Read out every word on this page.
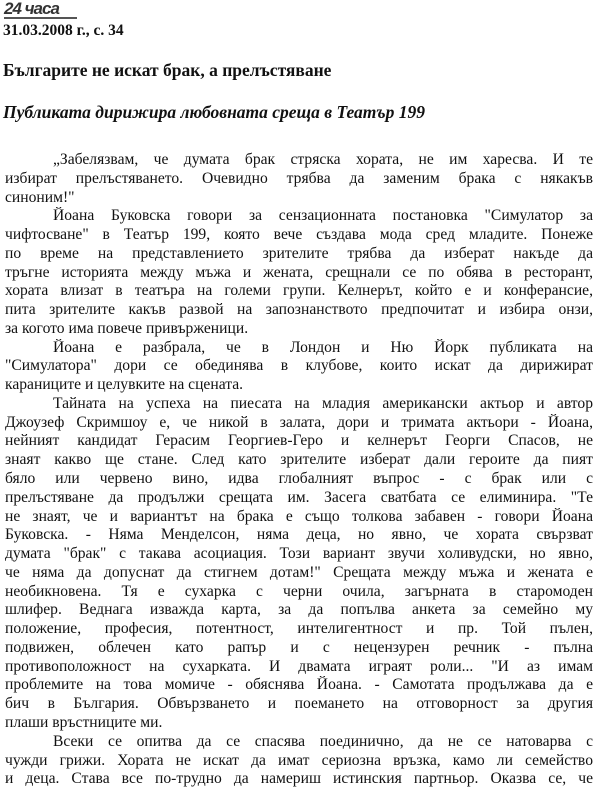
24 часа
31.03.2008 г., с. 34
Българите не искат брак, а прелъстяване
Публиката дирижира любовната среща в Театър 199
„Забелязвам, че думата брак стряска хората, не им харесва. И те
избират прелъстяването. Очевидно трябва да заменим брака с някакъв
синоним!"
Йоана Буковска говори за сензационната постановка "Симулатор за
чифтосване" в Театър 199, която вече създава мода сред младите. Понеже
по време на представлението зрителите трябва да изберат накъде да
тръгне историята между мъжа и жената, срещнали се по обява в ресторант,
хората влизат в театъра на големи групи. Келнерът, който е и конферансие,
пита зрителите какъв развой на запознанството предпочитат и избира онзи,
за когото има повече привърженици.
Йоана е разбрала, че в Лондон и Ню Йорк публиката на
"Симулатора" дори се обединява в клубове, които искат да дирижират
караниците и целувките на сцената.
Тайната на успеха на пиесата на младия американски актьор и автор
Джоузеф Скримшоу е, че никой в залата, дори и тримата актьори - Йоана,
нейният кандидат Герасим Георгиев-Геро и келнерът Георги Спасов, не
знаят какво ще стане. След като зрителите изберат дали героите да пият
бяло или червено вино, идва глобалният въпрос - с брак или с
прелъстяване да продължи срещата им. Засега сватбата се елиминира. "Те
не знаят, че и вариантът на брака е също толкова забавен - говори Йоана
Буковска. - Няма Менделсон, няма деца, но явно, че хората свързват
думата "брак" с такава асоциация. Този вариант звучи холивудски, но явно,
че няма да допуснат да стигнем дотам!" Срещата между мъжа и жената е
необикновена. Тя е сухарка с черни очила, загърната в старомоден
шлифер. Веднага изважда карта, за да попълва анкета за семейно му
положение, професия, потентност, интелигентност и пр. Той пълен,
подвижен, облечен като рапър и с нецензурен речник - пълна
противоположност на сухарката. И двамата играят роли... "И аз имам
проблемите на това момиче - обяснява Йоана. - Самотата продължава да е
бич в България. Обвързването и поемането на отговорност за другия
плаши връстниците ми.
Всеки се опитва да се спасява поединично, да не се натоварва с
чужди грижи. Хората не искат да имат сериозна връзка, камо ли семейство
и деца. Става все по-трудно да намериш истинския партньор. Оказва се, че
